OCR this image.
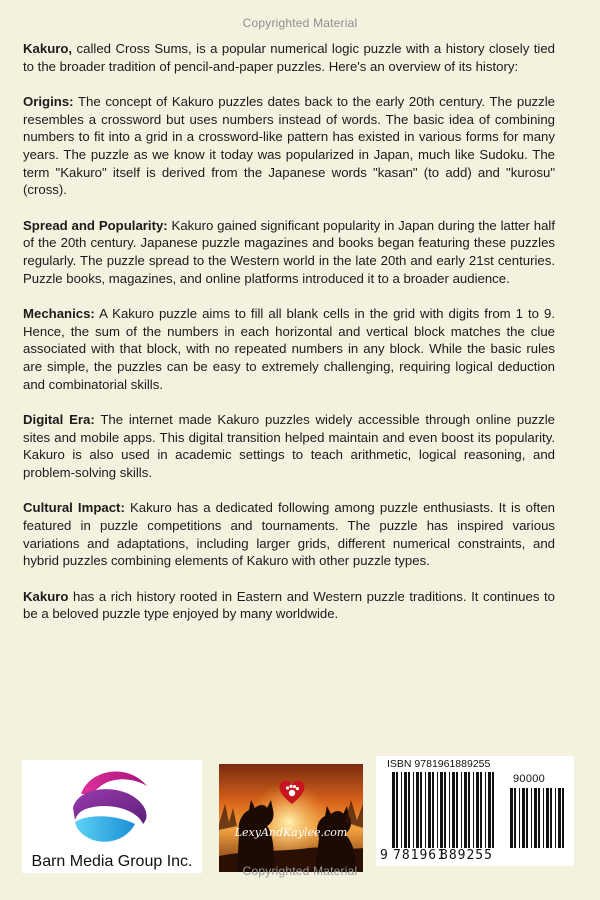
Copyrighted Material

Kakuro, called Cross Sums, is a popular numerical logic puzzle with a history closely tied to the broader tradition of pencil-and-paper puzzles. Here's an overview of its history:

Origins: The concept of Kakuro puzzles dates back to the early 20th century. The puzzle resembles a crossword but uses numbers instead of words. The basic idea of combining numbers to fit into a grid in a crossword-like pattern has existed in various forms for many years. The puzzle as we know it today was popularized in Japan, much like Sudoku. The term "Kakuro" itself is derived from the Japanese words "kasan" (to add) and "kurosu" (cross).

Spread and Popularity: Kakuro gained significant popularity in Japan during the latter half of the 20th century. Japanese puzzle magazines and books began featuring these puzzles regularly. The puzzle spread to the Western world in the late 20th and early 21st centuries. Puzzle books, magazines, and online platforms introduced it to a broader audience.

Mechanics: A Kakuro puzzle aims to fill all blank cells in the grid with digits from 1 to 9. Hence, the sum of the numbers in each horizontal and vertical block matches the clue associated with that block, with no repeated numbers in any block. While the basic rules are simple, the puzzles can be easy to extremely challenging, requiring logical deduction and combinatorial skills.

Digital Era: The internet made Kakuro puzzles widely accessible through online puzzle sites and mobile apps. This digital transition helped maintain and even boost its popularity. Kakuro is also used in academic settings to teach arithmetic, logical reasoning, and problem-solving skills.

Cultural Impact: Kakuro has a dedicated following among puzzle enthusiasts. It is often featured in puzzle competitions and tournaments. The puzzle has inspired various variations and adaptations, including larger grids, different numerical constraints, and hybrid puzzles combining elements of Kakuro with other puzzle types.

Kakuro has a rich history rooted in Eastern and Western puzzle traditions. It continues to be a beloved puzzle type enjoyed by many worldwide.

Barn Media Group Inc.
LexyAndKaylee.com
Copyrighted Material
ISBN 9781961889255
90000
9 781961
889255
